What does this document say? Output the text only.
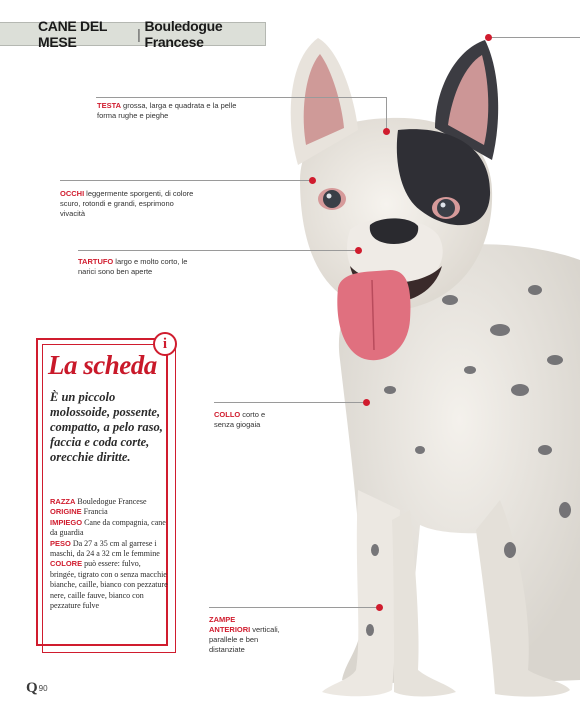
CANE DEL MESE	| Bouledogue Francese
TESTA grossa, larga e quadrata e la pelle forma rughe e pieghe
OCCHI leggermente sporgenti, di colore scuro, rotondi e grandi, esprimono vivacità
TARTUFO largo e molto corto, le narici sono ben aperte
COLLO corto e senza giogaia
ZAMPE ANTERIORI verticali, parallele e ben distanziate
i
La scheda
È un piccolo molossoide, possente, compatto, a pelo raso, faccia e coda corte, orecchie diritte.
RAZZA Bouledogue Francese
ORIGINE Francia
IMPIEGO Cane da compagnia, cane da guardia
PESO Da 27 a 35 cm al garrese i maschi, da 24 a 32 cm le femmine
COLORE può essere: fulvo, bringée, tigrato con o senza macchie bianche, caille, bianco con pezzature nere, caille fauve, bianco con pezzature fulve
Q 90
